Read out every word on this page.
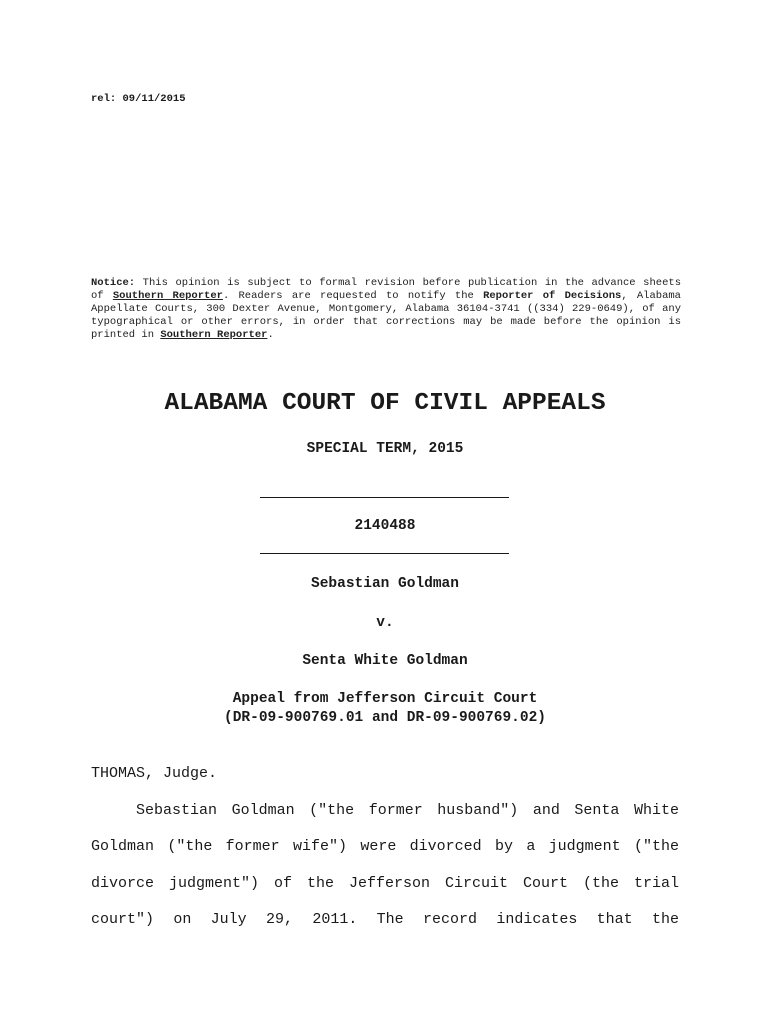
rel: 09/11/2015
Notice: This opinion is subject to formal revision before publication in the advance sheets of Southern Reporter. Readers are requested to notify the Reporter of Decisions, Alabama Appellate Courts, 300 Dexter Avenue, Montgomery, Alabama 36104-3741 ((334) 229-0649), of any typographical or other errors, in order that corrections may be made before the opinion is printed in Southern Reporter.
ALABAMA COURT OF CIVIL APPEALS
SPECIAL TERM, 2015
2140488
Sebastian Goldman
v.
Senta White Goldman
Appeal from Jefferson Circuit Court
(DR-09-900769.01 and DR-09-900769.02)
THOMAS, Judge.
Sebastian Goldman ("the former husband") and Senta White
Goldman ("the former wife") were divorced by a judgment ("the
divorce judgment") of the Jefferson Circuit Court (the trial
court") on July 29, 2011. The record indicates that the
